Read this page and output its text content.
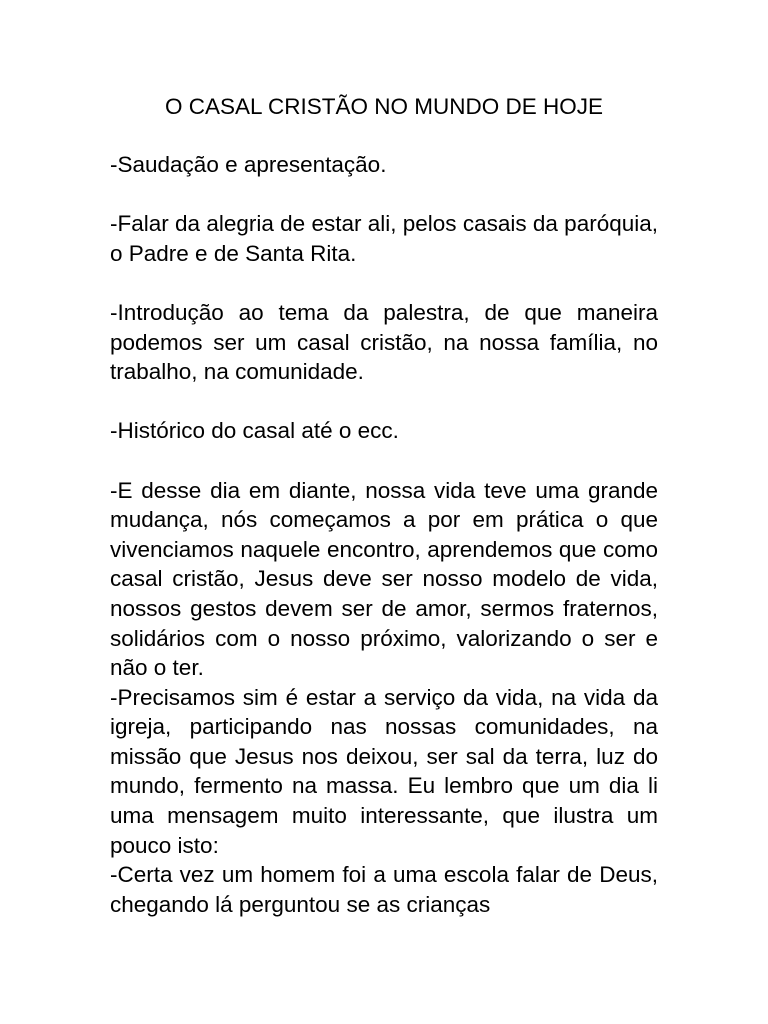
O CASAL CRISTÃO NO MUNDO DE HOJE

-Saudação e apresentação.

-Falar da alegria de estar ali, pelos casais da paróquia, o Padre e de Santa Rita.

-Introdução ao tema da palestra, de que maneira podemos ser um casal cristão, na nossa família, no trabalho, na comunidade.

-Histórico do casal até o ecc.

-E desse dia em diante, nossa vida teve uma grande mudança, nós começamos a por em prática o que vivenciamos naquele encontro, aprendemos que como casal cristão, Jesus deve ser nosso modelo de vida, nossos gestos devem ser de amor, sermos fraternos, solidários com o nosso próximo, valorizando o ser e não o ter.

-Precisamos sim é estar a serviço da vida, na vida da igreja, participando nas nossas comunidades, na missão que Jesus nos deixou, ser sal da terra, luz do mundo, fermento na massa. Eu lembro que um dia li uma mensagem muito interessante, que ilustra um pouco isto:

-Certa vez um homem foi a uma escola falar de Deus, chegando lá perguntou se as crianças
